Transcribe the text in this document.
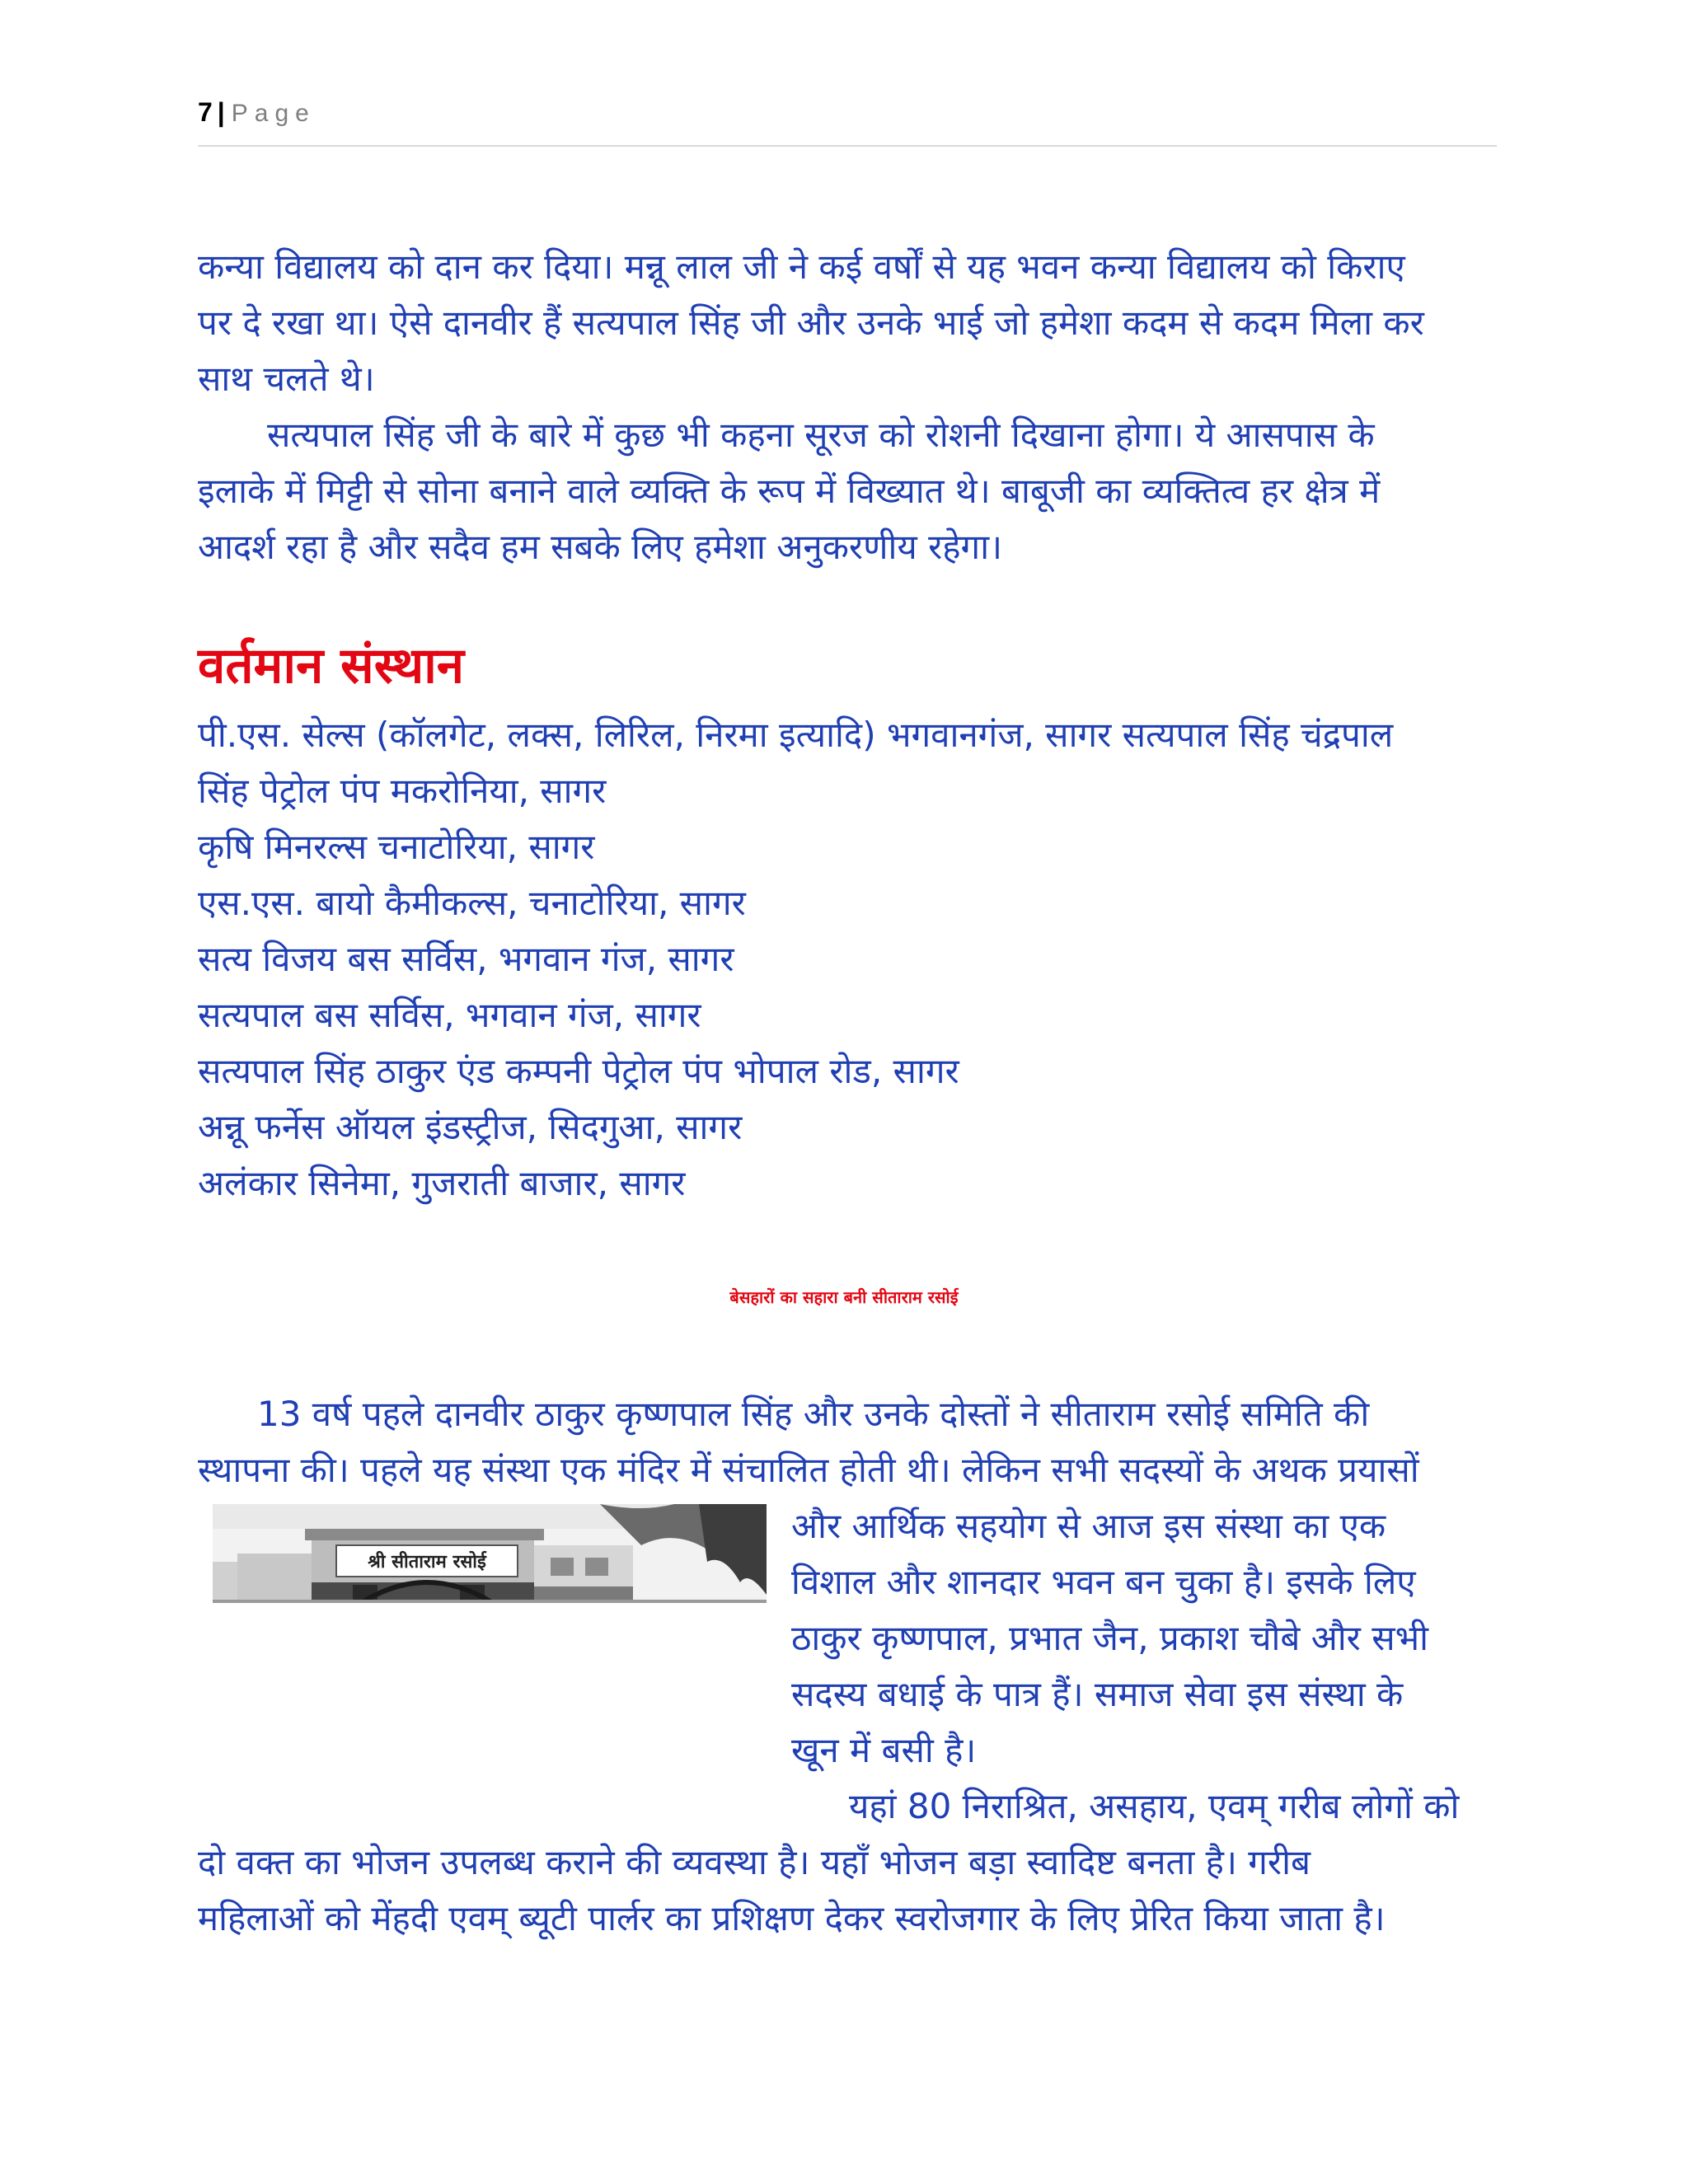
7 | Page

कन्या विद्यालय को दान कर दिया। मन्नू लाल जी ने कई वर्षों से यह भवन कन्या विद्यालय को किराए

पर दे रखा था। ऐसे दानवीर हैं सत्यपाल सिंह जी और उनके भाई जो हमेशा कदम से कदम मिला कर

साथ चलते थे।

सत्यपाल सिंह जी के बारे में कुछ भी कहना सूरज को रोशनी दिखाना होगा। ये आसपास के

इलाके में मिट्टी से सोना बनाने वाले व्यक्ति के रूप में विख्यात थे। बाबूजी का व्यक्तित्व हर क्षेत्र में

आदर्श रहा है और सदैव हम सबके लिए हमेशा अनुकरणीय रहेगा।

वर्तमान संस्थान

पी.एस. सेल्स (कॉलगेट, लक्स, लिरिल, निरमा इत्यादि) भगवानगंज, सागर सत्यपाल सिंह चंद्रपाल

सिंह पेट्रोल पंप मकरोनिया, सागर

कृषि मिनरल्स चनाटोरिया, सागर

एस.एस. बायो कैमीकल्स, चनाटोरिया, सागर

सत्य विजय बस सर्विस, भगवान गंज, सागर

सत्यपाल बस सर्विस, भगवान गंज, सागर

सत्यपाल सिंह ठाकुर एंड कम्पनी पेट्रोल पंप भोपाल रोड, सागर

अन्नू फर्नेस ऑयल इंडस्ट्रीज, सिदगुआ, सागर

अलंकार सिनेमा, गुजराती बाजार, सागर

बेसहारों का सहारा बनी सीताराम रसोई

13 वर्ष पहले दानवीर ठाकुर कृष्णपाल सिंह और उनके दोस्तों ने सीताराम रसोई समिति की

स्थापना की। पहले यह संस्था एक मंदिर में संचालित होती थी। लेकिन सभी सदस्यों के अथक प्रयासों

श्री सीताराम रसोई

और आर्थिक सहयोग से आज इस संस्था का एक

विशाल और शानदार भवन बन चुका है। इसके लिए

ठाकुर कृष्णपाल, प्रभात जैन, प्रकाश चौबे और सभी

सदस्य बधाई के पात्र हैं। समाज सेवा इस संस्था के

खून में बसी है।

यहां 80 निराश्रित, असहाय, एवम् गरीब लोगों को

दो वक्त का भोजन उपलब्ध कराने की व्यवस्था है। यहाँ भोजन बड़ा स्वादिष्ट बनता है। गरीब

महिलाओं को मेंहदी एवम् ब्यूटी पार्लर का प्रशिक्षण देकर स्वरोजगार के लिए प्रेरित किया जाता है।
